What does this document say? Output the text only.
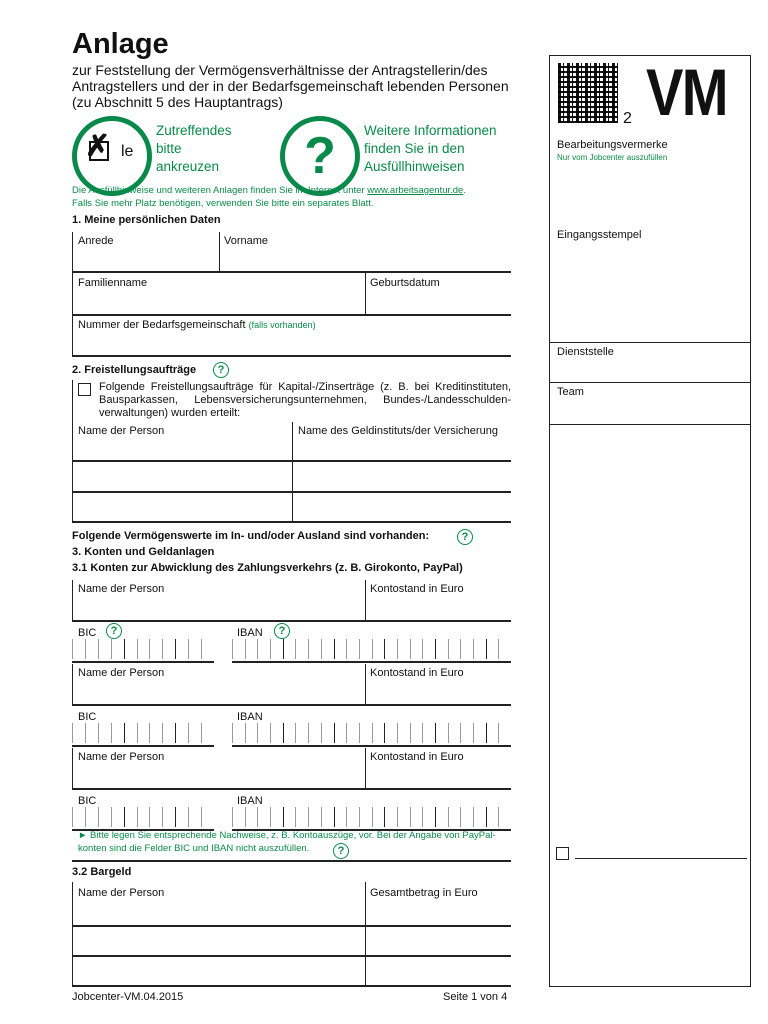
Anlage
zur Feststellung der Vermögensverhältnisse der Antragstellerin/des Antragstellers und der in der Bedarfsgemeinschaft lebenden Personen (zu Abschnitt 5 des Hauptantrags)
✗ le
Zutreffendes
bitte
ankreuzen	?	Weitere Informationen
finden Sie in den
Ausfüllhinweisen
Die Ausfüllhinweise und weiteren Anlagen finden Sie im Internet unter www.arbeitsagentur.de.
Falls Sie mehr Platz benötigen, verwenden Sie bitte ein separates Blatt.
2 VM
Bearbeitungsvermerke
Nur vom Jobcenter auszufüllen
Eingangsstempel
Dienststelle
Team
1. Meine persönlichen Daten
Anrede	Vorname
Familienname	Geburtsdatum
Nummer der Bedarfsgemeinschaft (falls vorhanden)
2. Freistellungsaufträge	?
Folgende Freistellungsaufträge für Kapital-/Zinserträge (z. B. bei Kreditinstituten, Bausparkassen, Lebensversicherungsunternehmen, Bundes-/Landesschulden-verwaltungen) wurden erteilt:
Name der Person	Name des Geldinstituts/der Versicherung
Folgende Vermögenswerte im In- und/oder Ausland sind vorhanden:	?
3. Konten und Geldanlagen
3.1 Konten zur Abwicklung des Zahlungsverkehrs (z. B. Girokonto, PayPal)
Name der Person	Kontostand in Euro
BIC	IBAN
?	?
Name der Person	Kontostand in Euro
BIC	IBAN
Name der Person	Kontostand in Euro
BIC	IBAN
► Bitte legen Sie entsprechende Nachweise, z. B. Kontoauszüge, vor. Bei der Angabe von PayPal-konten sind die Felder BIC und IBAN nicht auszufüllen.	?
3.2 Bargeld
Name der Person	Gesamtbetrag in Euro
Jobcenter-VM.04.2015	Seite 1 von 4
